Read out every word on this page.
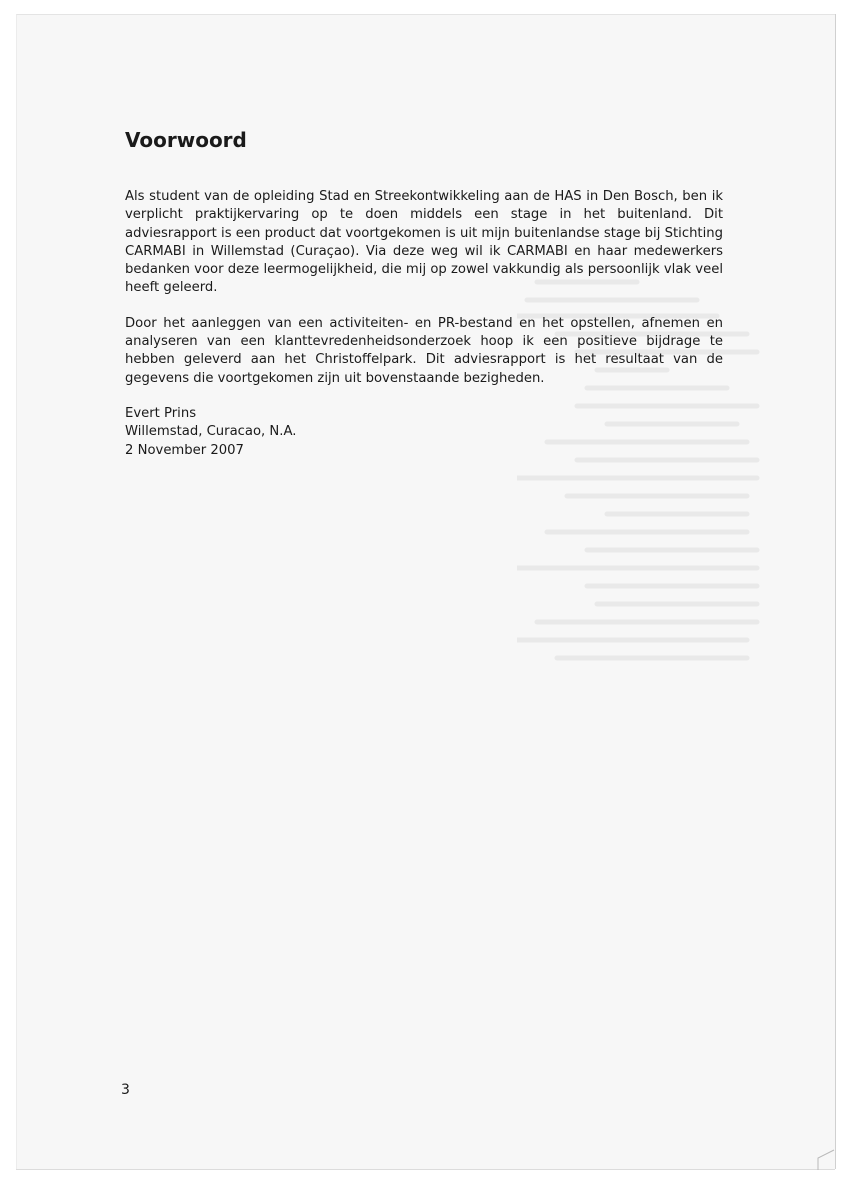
Voorwoord

Als student van de opleiding Stad en Streekontwikkeling aan de HAS in Den Bosch, ben ik verplicht praktijkervaring op te doen middels een stage in het buitenland. Dit adviesrapport is een product dat voortgekomen is uit mijn buitenlandse stage bij Stichting CARMABI in Willemstad (Curaçao). Via deze weg wil ik CARMABI en haar medewerkers bedanken voor deze leermogelijkheid, die mij op zowel vakkundig als persoonlijk vlak veel heeft geleerd.

Door het aanleggen van een activiteiten- en PR-bestand en het opstellen, afnemen en analyseren van een klanttevredenheidsonderzoek hoop ik een positieve bijdrage te hebben geleverd aan het Christoffelpark. Dit adviesrapport is het resultaat van de gegevens die voortgekomen zijn uit bovenstaande bezigheden.

Evert Prins

Willemstad, Curacao, N.A.

2 November 2007

3
